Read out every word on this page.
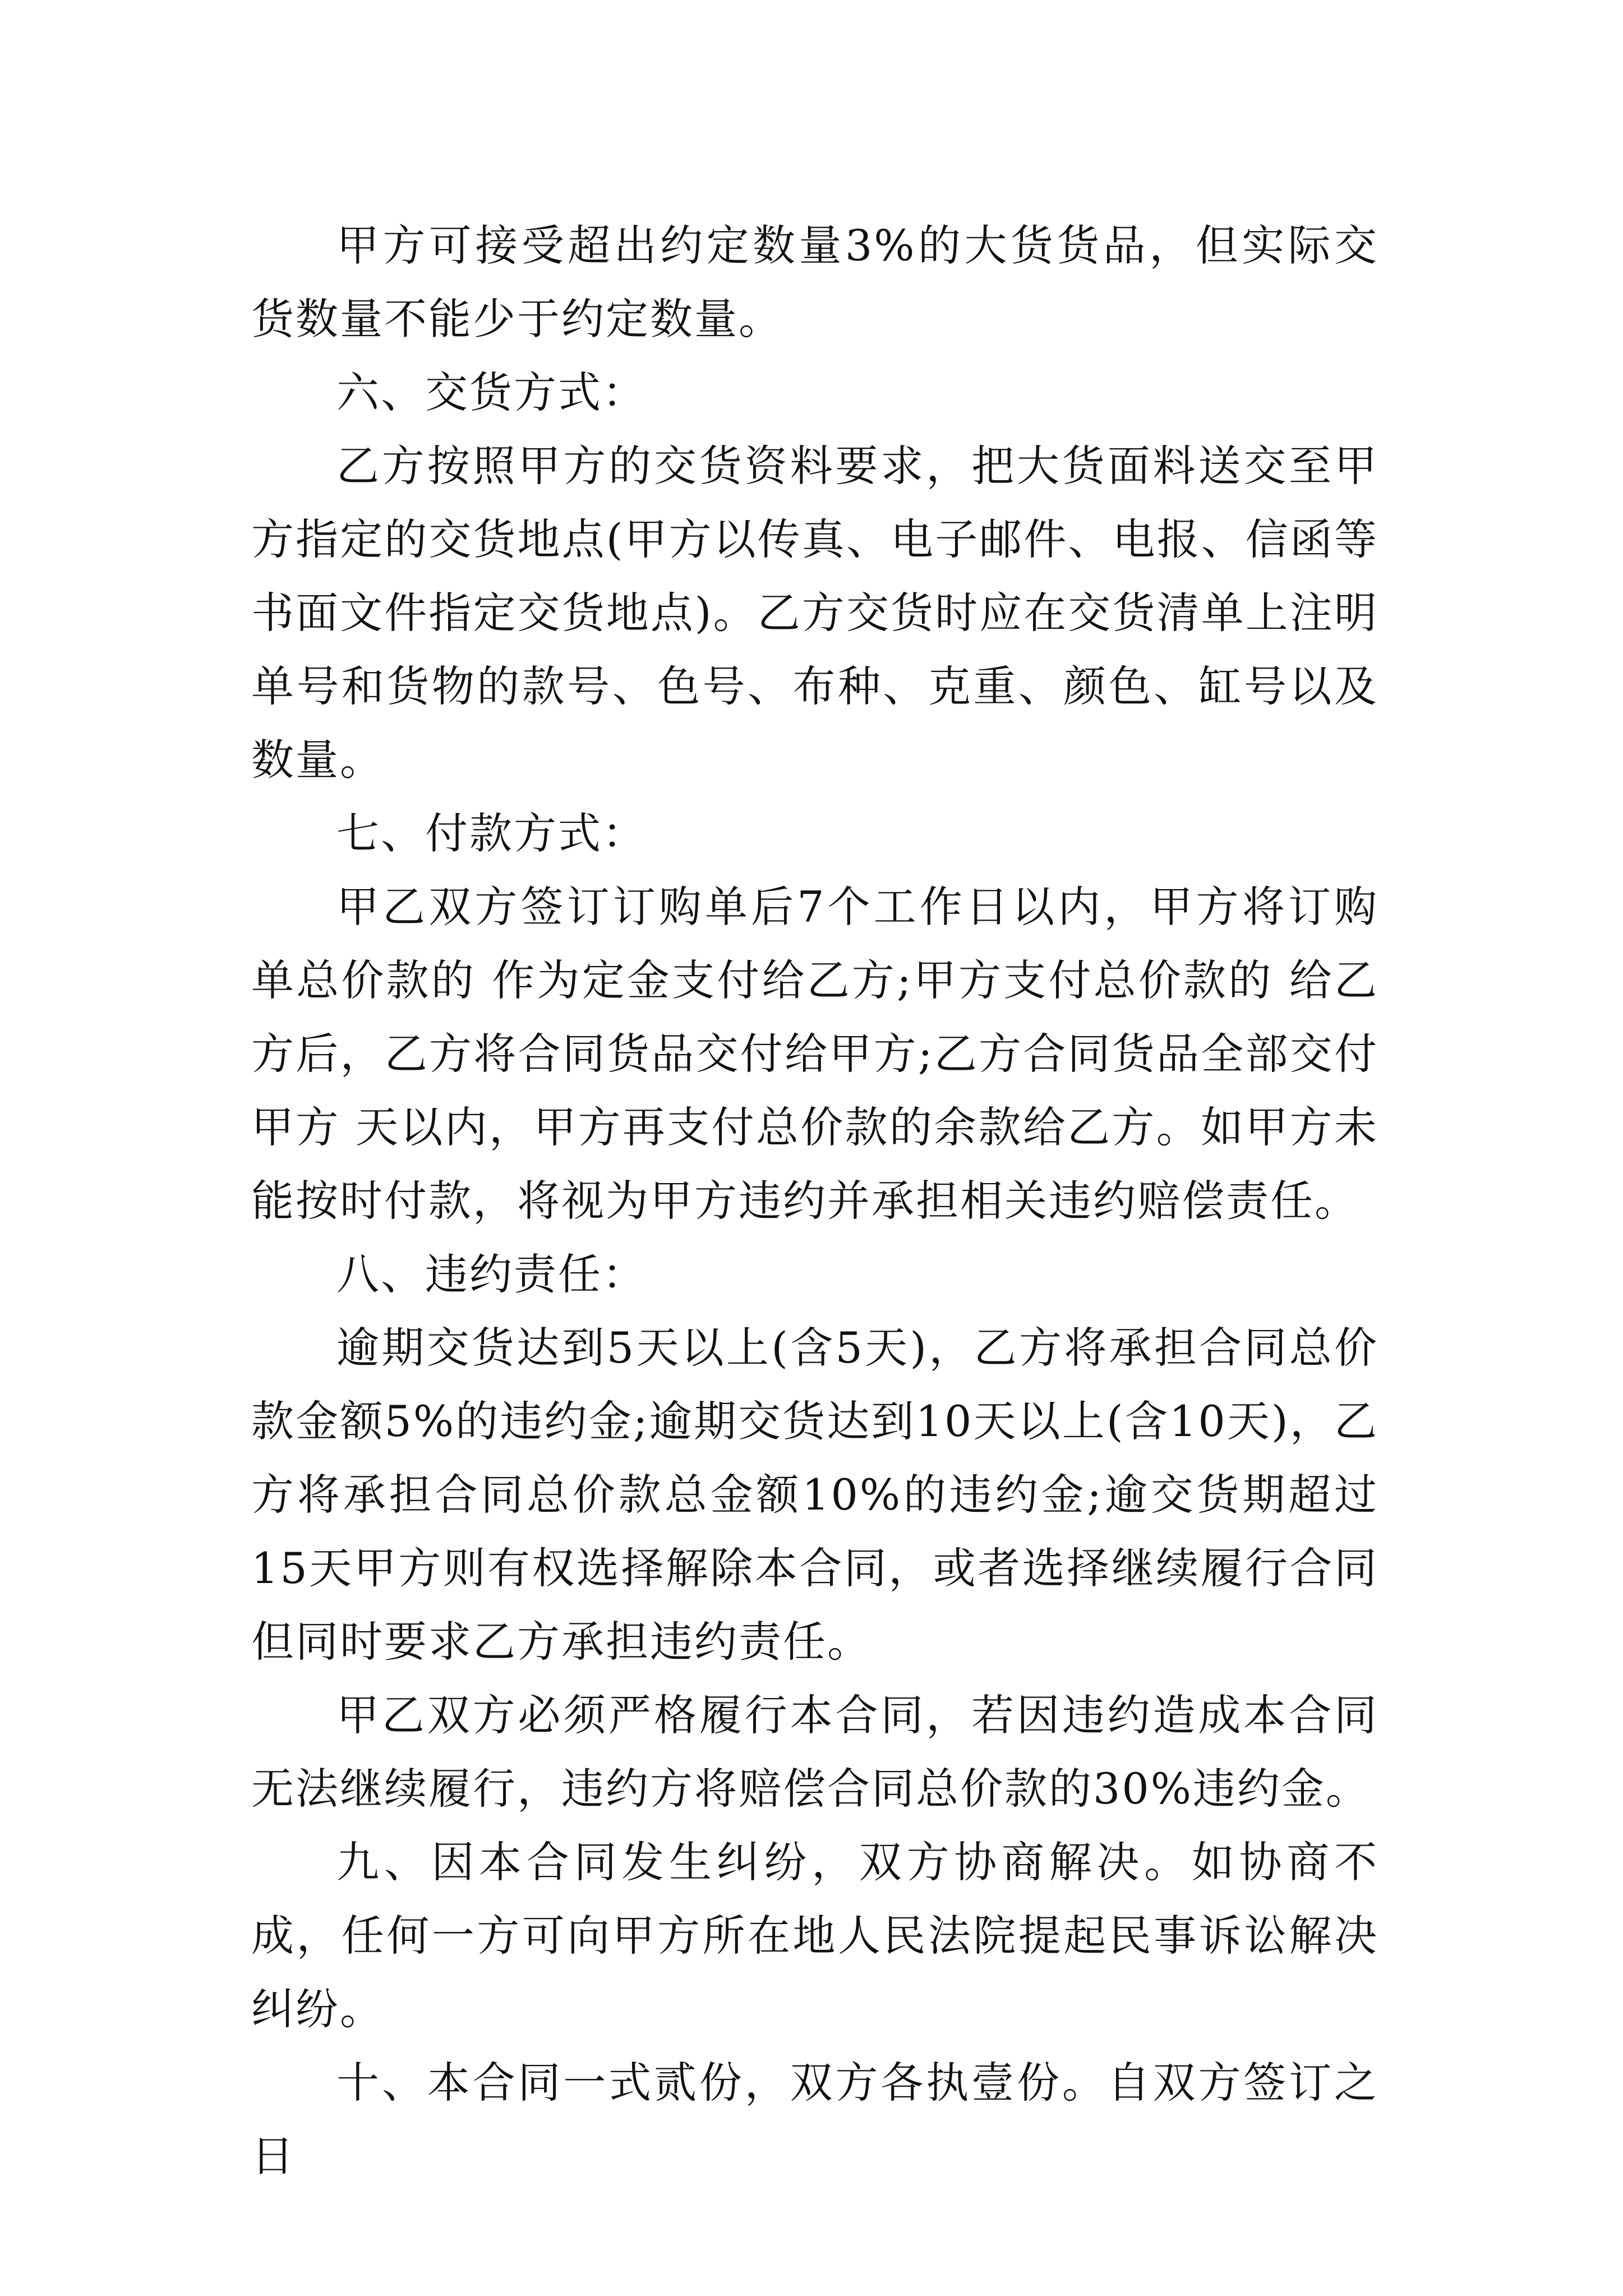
甲方可接受超出约定数量3%的大货货品，但实际交货数量不能少于约定数量。

六、交货方式：

乙方按照甲方的交货资料要求，把大货面料送交至甲方指定的交货地点(甲方以传真、电子邮件、电报、信函等书面文件指定交货地点)。乙方交货时应在交货清单上注明单号和货物的款号、色号、布种、克重、颜色、缸号以及数量。

七、付款方式：

甲乙双方签订订购单后7个工作日以内，甲方将订购单总价款的 作为定金支付给乙方;甲方支付总价款的 给乙方后，乙方将合同货品交付给甲方;乙方合同货品全部交付甲方 天以内，甲方再支付总价款的余款给乙方。如甲方未能按时付款，将视为甲方违约并承担相关违约赔偿责任。

八、违约责任：

逾期交货达到5天以上(含5天)，乙方将承担合同总价款金额5%的违约金;逾期交货达到10天以上(含10天)，乙方将承担合同总价款总金额10%的违约金;逾交货期超过15天甲方则有权选择解除本合同，或者选择继续履行合同但同时要求乙方承担违约责任。

甲乙双方必须严格履行本合同，若因违约造成本合同无法继续履行，违约方将赔偿合同总价款的30%违约金。

九、因本合同发生纠纷，双方协商解决。如协商不成，任何一方可向甲方所在地人民法院提起民事诉讼解决 纠纷。

十、本合同一式贰份，双方各执壹份。自双方签订之日
